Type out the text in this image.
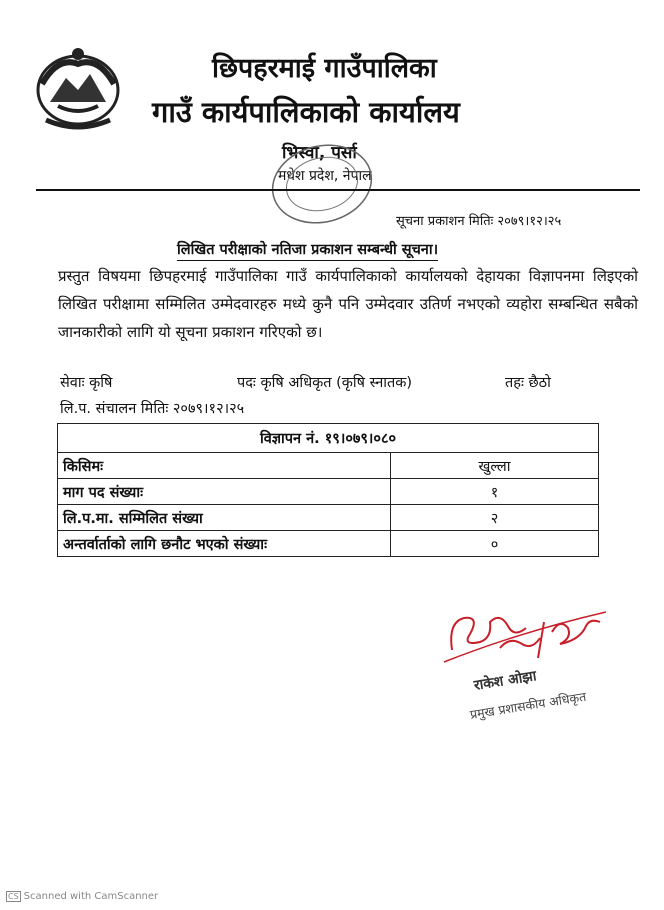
छिपहरमाई गाउँपालिका
गाउँ कार्यपालिकाको कार्यालय
भिस्वा, पर्सा
मधेश प्रदेश, नेपाल
सूचना प्रकाशन मितिः २०७९।१२।२५
लिखित परीक्षाको नतिजा प्रकाशन सम्बन्धी सूचना।
प्रस्तुत विषयमा छिपहरमाई गाउँपालिका गाउँ कार्यपालिकाको कार्यालयको देहायका विज्ञापनमा लिइएको लिखित परीक्षामा सम्मिलित उम्मेदवारहरु मध्ये कुनै पनि उम्मेदवार उतिर्ण नभएको व्यहोरा सम्बन्धित सबैको जानकारीको लागि यो सूचना प्रकाशन गरिएको छ।
सेवाः कृषि	पदः कृषि अधिकृत (कृषि स्नातक)	तहः छैठो
लि.प. संचालन मितिः २०७९।१२।२५
विज्ञापन नं. १९।०७९।०८०	
किसिमः	खुल्ला
माग पद संख्याः	१
लि.प.मा. सम्मिलित संख्या	२
अन्तर्वार्ताको लागि छनौट भएको संख्याः	०
राकेश ओझा
प्रमुख प्रशासकीय अधिकृत
CS Scanned with CamScanner
